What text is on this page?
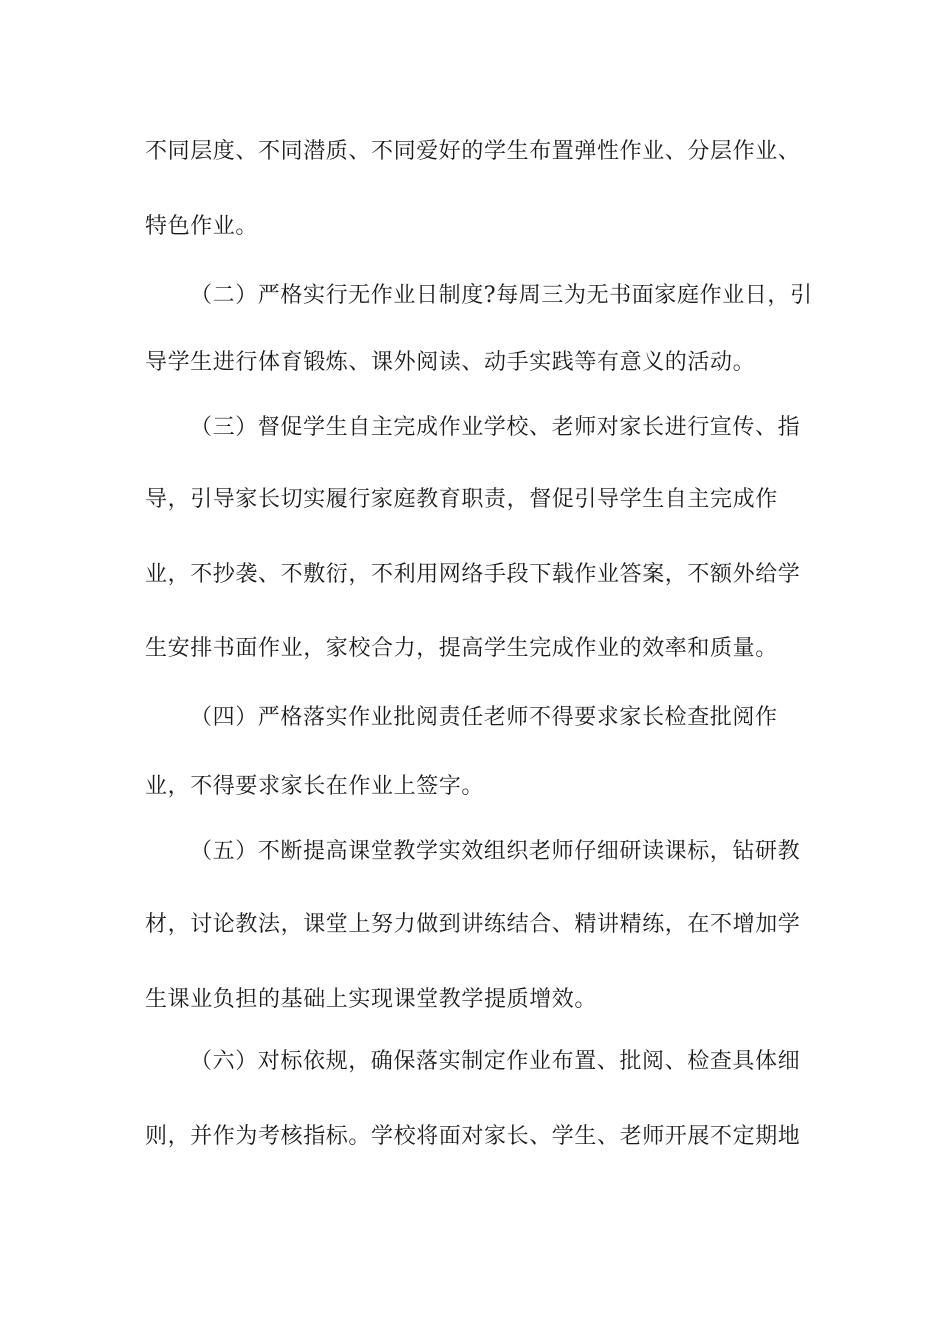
不同层度、不同潜质、不同爱好的学生布置弹性作业、分层作业、
特色作业。
（二）严格实行无作业日制度?每周三为无书面家庭作业日，引
导学生进行体育锻炼、课外阅读、动手实践等有意义的活动。
（三）督促学生自主完成作业学校、老师对家长进行宣传、指
导，引导家长切实履行家庭教育职责，督促引导学生自主完成作
业，不抄袭、不敷衍，不利用网络手段下载作业答案，不额外给学
生安排书面作业，家校合力，提高学生完成作业的效率和质量。
（四）严格落实作业批阅责任老师不得要求家长检查批阅作
业，不得要求家长在作业上签字。
（五）不断提高课堂教学实效组织老师仔细研读课标，钻研教
材，讨论教法，课堂上努力做到讲练结合、精讲精练，在不增加学
生课业负担的基础上实现课堂教学提质增效。
（六）对标依规，确保落实制定作业布置、批阅、检查具体细
则，并作为考核指标。学校将面对家长、学生、老师开展不定期地
